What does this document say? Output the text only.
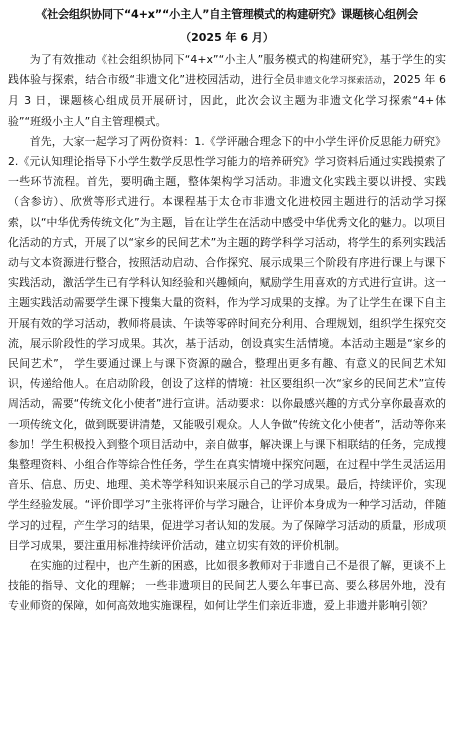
《社会组织协同下“4+x”“小主人”自主管理模式的构建研究》课题核心组例会
（2025 年 6 月）

为了有效推动《社会组织协同下“4+x”“小主人”服务模式的构建研究》，基于学生的实践体验与探索，结合市级“非遗文化”进校园活动，进行全员非遗文化学习探索活动，2025 年 6 月 3 日，课题核心组成员开展研讨，因此，此次会议主题为非遗文化学习探索“4+体验”“班级小主人”自主管理模式。

首先，大家一起学习了两份资料：1.《学评融合理念下的中小学生评价反思能力研究》2.《元认知理论指导下小学生数学反思性学习能力的培养研究》学习资料后通过实践摸索了一些环节流程。首先，要明确主题，整体架构学习活动。非遗文化实践主要以讲授、实践（含参访）、欣赏等形式进行。本课程基于太仓市非遗文化进校园主题进行的活动学习探索，以“中华优秀传统文化”为主题，旨在让学生在活动中感受中华优秀文化的魅力。以项目化活动的方式，开展了以“家乡的民间艺术”为主题的跨学科学习活动，将学生的系列实践活动与文本资源进行整合，按照活动启动、合作探究、展示成果三个阶段有序进行课上与课下实践活动，激活学生已有学科认知经验和兴趣倾向，赋励学生用喜欢的方式进行宣讲。这一主题实践活动需要学生课下搜集大量的资料，作为学习成果的支撑。为了让学生在课下自主开展有效的学习活动，教师将晨读、午读等零碎时间充分利用、合理规划，组织学生探究交流，展示阶段性的学习成果。其次，基于活动，创设真实生活情境。本活动主题是“家乡的民间艺术”， 学生要通过课上与课下资源的融合，整理出更多有趣、有意义的民间艺术知识，传递给他人。在启动阶段，创设了这样的情境：社区要组织一次“家乡的民间艺术”宣传周活动，需要“传统文化小使者”进行宣讲。活动要求：以你最感兴趣的方式分享你最喜欢的一项传统文化，做到既要讲清楚，又能吸引观众。人人争做“传统文化小使者”，活动等你来参加！学生积极投入到整个项目活动中，亲自做事，解决课上与课下相联结的任务，完成搜集整理资料、小组合作等综合性任务，学生在真实情境中探究问题，在过程中学生灵活运用音乐、信息、历史、地理、美术等学科知识来展示自己的学习成果。最后，持续评价，实现学生经验发展。“评价即学习”主张将评价与学习融合，让评价本身成为一种学习活动，伴随学习的过程，产生学习的结果，促进学习者认知的发展。为了保障学习活动的质量，形成项目学习成果，要注重用标准持续评价活动，建立切实有效的评价机制。

在实施的过程中，也产生新的困惑，比如很多教师对于非遗自己不是很了解，更谈不上技能的指导、文化的理解； 一些非遗项目的民间艺人要么年事已高、要么移居外地，没有专业师资的保障，如何高效地实施课程，如何让学生们亲近非遗，爱上非遗并影响引领？
